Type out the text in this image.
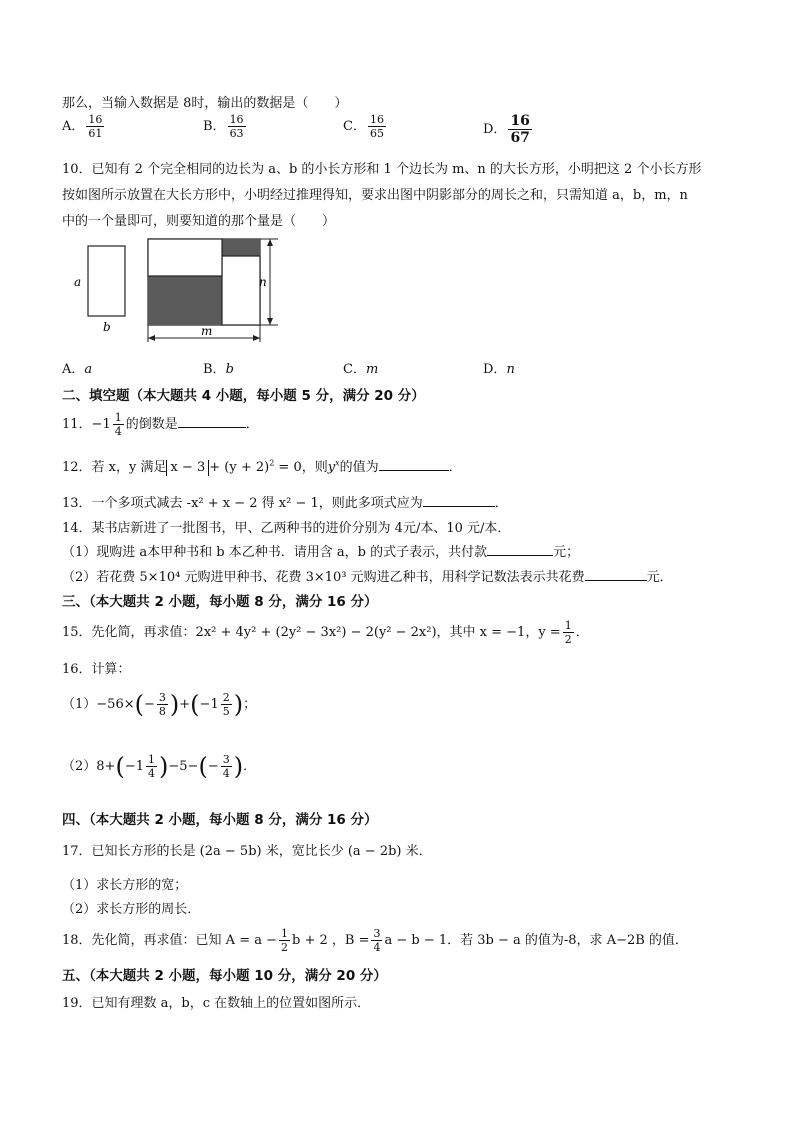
那么，当输入数据是 8时，输出的数据是（　　）
A． $\frac{16}{61}$	B． $\frac{16}{63}$	C． $\frac{16}{65}$	D． $\frac{16}{67}$
10．已知有 2 个完全相同的边长为 a、b 的小长方形和 1 个边长为 m、n 的大长方形，小明把这 2 个小长方形
按如图所示放置在大长方形中，小明经过推理得知，要求出图中阴影部分的周长之和，只需知道 a，b，m，n
中的一个量即可，则要知道的那个量是（　　）
a
b
n
m
A．a	B．b	C．m	D．n
二、填空题（本大题共 4 小题，每小题 5 分，满分 20 分）
11．$-1 \frac{1}{4}$ 的倒数是	．
12．若 x，y 满足 $x - 3 + (y + 2)^2 = 0$，则$y^x$的值为	．
13．一个多项式减去 -x² + x − 2 得 x² − 1，则此多项式应为	．
14．某书店新进了一批图书，甲、乙两种书的进价分别为 4元/本、10 元/本．
（1）现购进 a本甲种书和 b 本乙种书．请用含 a，b 的式子表示，共付款	元；
（2）若花费 5×10⁴ 元购进甲种书、花费 3×10³ 元购进乙种书，用科学记数法表示共花费	元．
三、（本大题共 2 小题，每小题 8 分，满分 16 分）
15．先化简，再求值：2x² + 4y² + (2y² − 3x²) − 2(y² − 2x²)，其中 x = −1，$y = \frac{1}{2}$ ．
16．计算：
$(1)-56\times(- \frac{3}{8} )+(-1 \frac{2}{5}$ )；
$(2)8+(-1 \frac{1}{4} )-5-(- \frac{3}{4}$ )．
四、（本大题共 2 小题，每小题 8 分，满分 16 分）
17．已知长方形的长是 (2a − 5b) 米，宽比长少 (a − 2b) 米．
（1）求长方形的宽；
（2）求长方形的周长．
18．先化简，再求值：已知 $A = a - \frac{1}{2}$ b + 2 ，$B = \frac{3}{4}$ a − b − 1．若 3b − a 的值为-8，求 A−2B 的值．
五、（本大题共 2 小题，每小题 10 分，满分 20 分）
19．已知有理数 a，b，c 在数轴上的位置如图所示．
